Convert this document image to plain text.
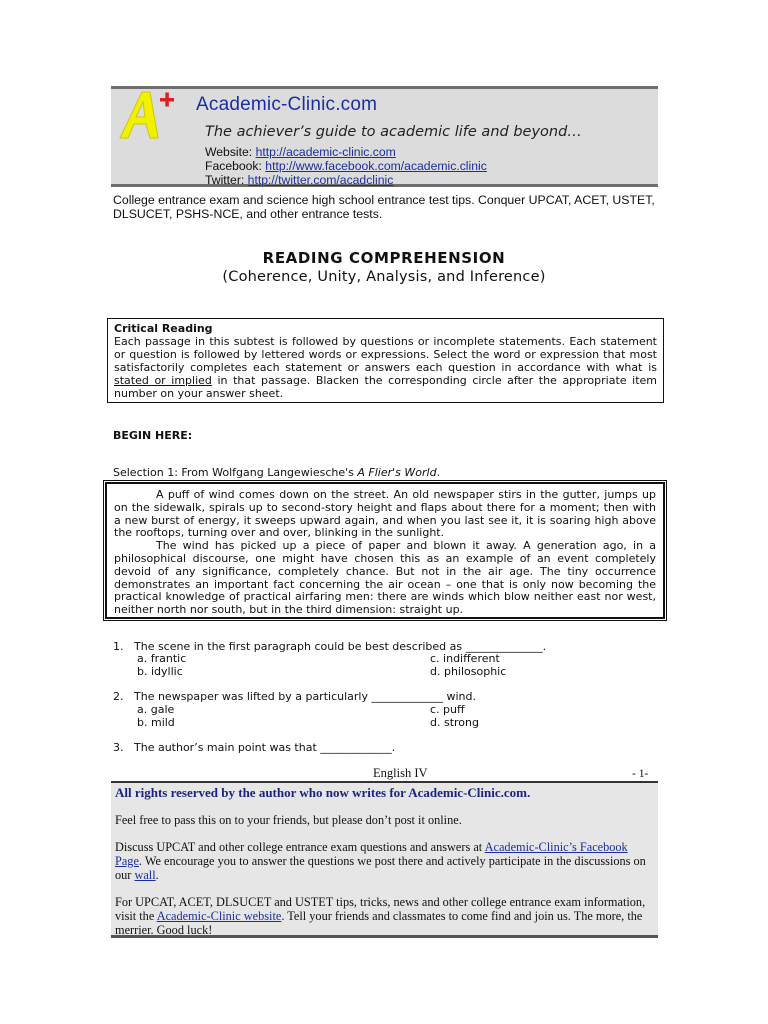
Academic-Clinic.com
The achiever’s guide to academic life and beyond…
Website: http://academic-clinic.com
Facebook: http://www.facebook.com/academic.clinic
Twitter: http://twitter.com/acadclinic
College entrance exam and science high school entrance test tips. Conquer UPCAT, ACET, USTET, DLSUCET, PSHS-NCE, and other entrance tests.
READING COMPREHENSION
(Coherence, Unity, Analysis, and Inference)
Critical Reading
Each passage in this subtest is followed by questions or incomplete statements. Each statement or question is followed by lettered words or expressions. Select the word or expression that most satisfactorily completes each statement or answers each question in accordance with what is stated or implied in that passage. Blacken the corresponding circle after the appropriate item number on your answer sheet.
BEGIN HERE:
Selection 1: From Wolfgang Langewiesche's A Flier's World.

A puff of wind comes down on the street. An old newspaper stirs in the gutter, jumps up on the sidewalk, spirals up to second-story height and flaps about there for a moment; then with a new burst of energy, it sweeps upward again, and when you last see it, it is soaring high above the rooftops, turning over and over, blinking in the sunlight.

The wind has picked up a piece of paper and blown it away. A generation ago, in a philosophical discourse, one might have chosen this as an example of an event completely devoid of any significance, completely chance. But not in the air age. The tiny occurrence demonstrates an important fact concerning the air ocean – one that is only now becoming the practical knowledge of practical airfaring men: there are winds which blow neither east nor west, neither north nor south, but in the third dimension: straight up.

1. The scene in the first paragraph could be best described as ______________.
a. frantic
b. idyllic
c. indifferent
d. philosophic
2. The newspaper was lifted by a particularly _____________ wind.
a. gale
b. mild
c. puff
d. strong
3. The author’s main point was that _____________.
English IV	- 1-

All rights reserved by the author who now writes for Academic-Clinic.com.

Feel free to pass this on to your friends, but please don’t post it online.

Discuss UPCAT and other college entrance exam questions and answers at Academic-Clinic’s Facebook Page. We encourage you to answer the questions we post there and actively participate in the discussions on our wall.

For UPCAT, ACET, DLSUCET and USTET tips, tricks, news and other college entrance exam information, visit the Academic-Clinic website. Tell your friends and classmates to come find and join us. The more, the merrier. Good luck!
